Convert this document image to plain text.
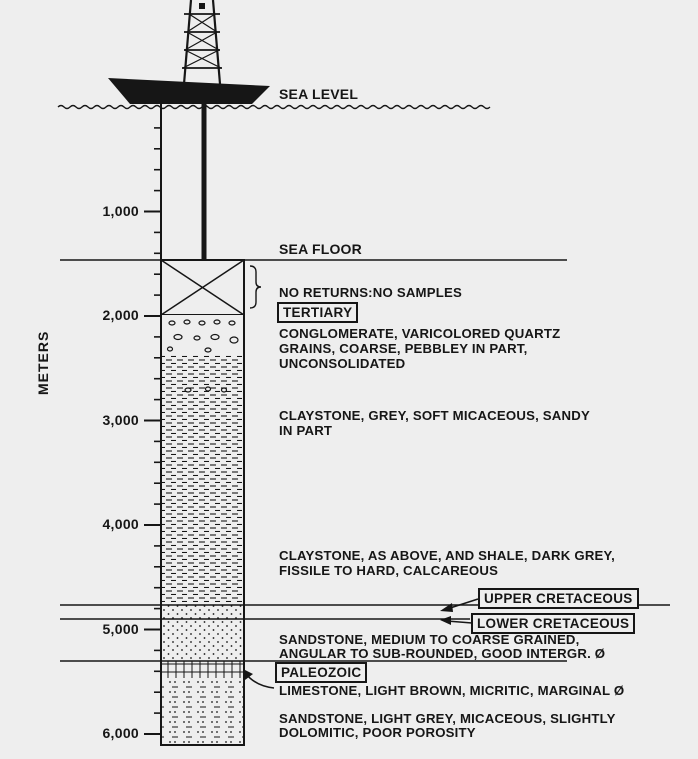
METERS
1,000
2,000
3,000
4,000
5,000
6,000
SEA LEVEL
SEA FLOOR
NO RETURNS:NO SAMPLES
TERTIARY
CONGLOMERATE, VARICOLORED QUARTZ
GRAINS, COARSE, PEBBLEY IN PART,
UNCONSOLIDATED
CLAYSTONE, GREY, SOFT MICACEOUS, SANDY
IN PART
CLAYSTONE, AS ABOVE, AND SHALE, DARK GREY,
FISSILE TO HARD, CALCAREOUS
UPPER CRETACEOUS
LOWER CRETACEOUS
SANDSTONE, MEDIUM TO COARSE GRAINED,
ANGULAR TO SUB-ROUNDED, GOOD INTERGR. Ø
PALEOZOIC
LIMESTONE, LIGHT BROWN, MICRITIC, MARGINAL Ø
SANDSTONE, LIGHT GREY, MICACEOUS, SLIGHTLY
DOLOMITIC, POOR POROSITY
